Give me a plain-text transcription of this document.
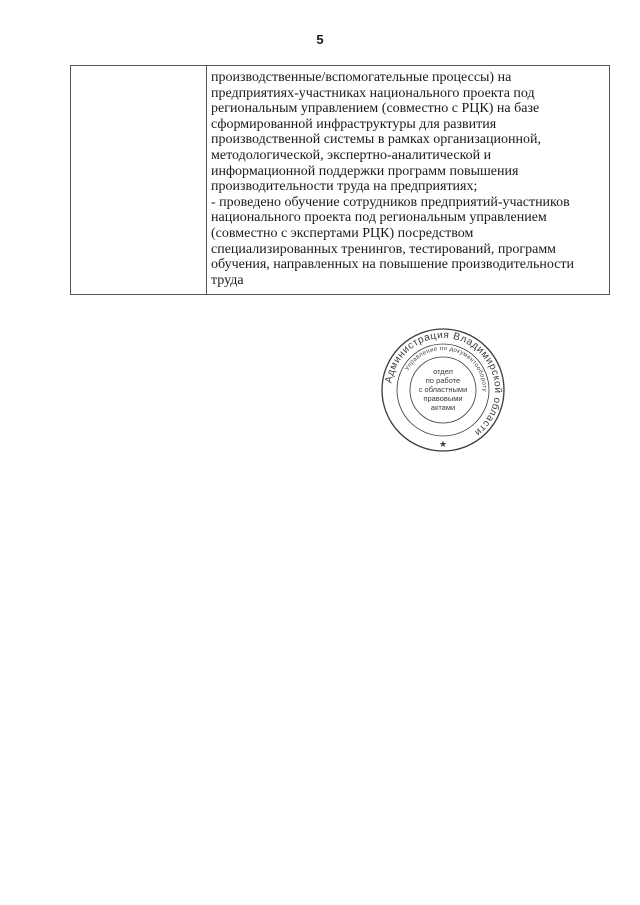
5

производственные/вспомогательные процессы) на
предприятиях-участниках национального проекта под
региональным управлением (совместно с РЦК) на базе
сформированной инфраструктуры для развития
производственной системы в рамках организационной,
методологической, экспертно-аналитической и
информационной поддержки программ повышения
производительности труда на предприятиях;
- проведено обучение сотрудников предприятий-участников
национального проекта под региональным управлением
(совместно с экспертами РЦК) посредством
специализированных тренингов, тестирований, программ
обучения, направленных на повышение производительности
труда
Администрация Владимирской области
Управление по документообороту
★
отдел
по работе
с областными
правовыми
актами
